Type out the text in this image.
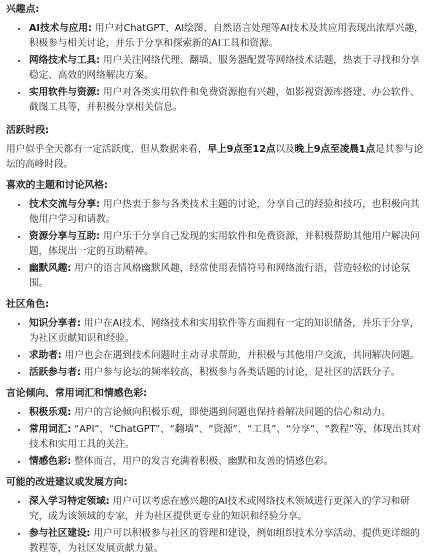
兴趣点:
• AI技术与应用: 用户对ChatGPT、AI绘图、自然语言处理等AI技术及其应用表现出浓厚兴趣，积极参与相关讨论，并乐于分享和探索新的AI工具和资源。
• 网络技术与工具: 用户关注网络代理、翻墙、服务器配置等网络技术话题，热衷于寻找和分享稳定、高效的网络解决方案。
• 实用软件与资源: 用户对各类实用软件和免费资源抱有兴趣，如影视资源库搭建、办公软件、截图工具等，并积极分享相关信息。
活跃时段:

用户似乎全天都有一定活跃度，但从数据来看，早上9点至12点以及晚上9点至凌晨1点是其参与论坛的高峰时段。

喜欢的主题和讨论风格:
• 技术交流与分享: 用户热衷于参与各类技术主题的讨论，分享自己的经验和技巧，也积极向其他用户学习和请教。
• 资源分享与互助: 用户乐于分享自己发现的实用软件和免费资源，并积极帮助其他用户解决问题，体现出一定的互助精神。
• 幽默风趣: 用户的语言风格幽默风趣，经常使用表情符号和网络流行语，营造轻松的讨论氛围。
社区角色:
• 知识分享者: 用户在AI技术、网络技术和实用软件等方面拥有一定的知识储备，并乐于分享，为社区贡献知识和经验。
• 求助者: 用户也会在遇到技术问题时主动寻求帮助，并积极与其他用户交流，共同解决问题。
• 活跃参与者: 用户参与论坛的频率较高，积极参与各类话题的讨论，是社区的活跃分子。
言论倾向、常用词汇和情感色彩:
• 积极乐观: 用户的言论倾向积极乐观，即使遇到问题也保持着解决问题的信心和动力。
• 常用词汇: “API”、“ChatGPT”、“翻墙”、“资源”、“工具”、“分享”、“教程”等，体现出其对技术和实用工具的关注。
• 情感色彩: 整体而言，用户的发言充满着积极、幽默和友善的情感色彩。
可能的改进建议或发展方向:
• 深入学习特定领域: 用户可以考虑在感兴趣的AI技术或网络技术领域进行更深入的学习和研究，成为该领域的专家，并为社区提供更专业的知识和经验分享。
• 参与社区建设: 用户可以积极参与社区的管理和建设，例如组织技术分享活动、提供更详细的教程等，为社区发展贡献力量。
